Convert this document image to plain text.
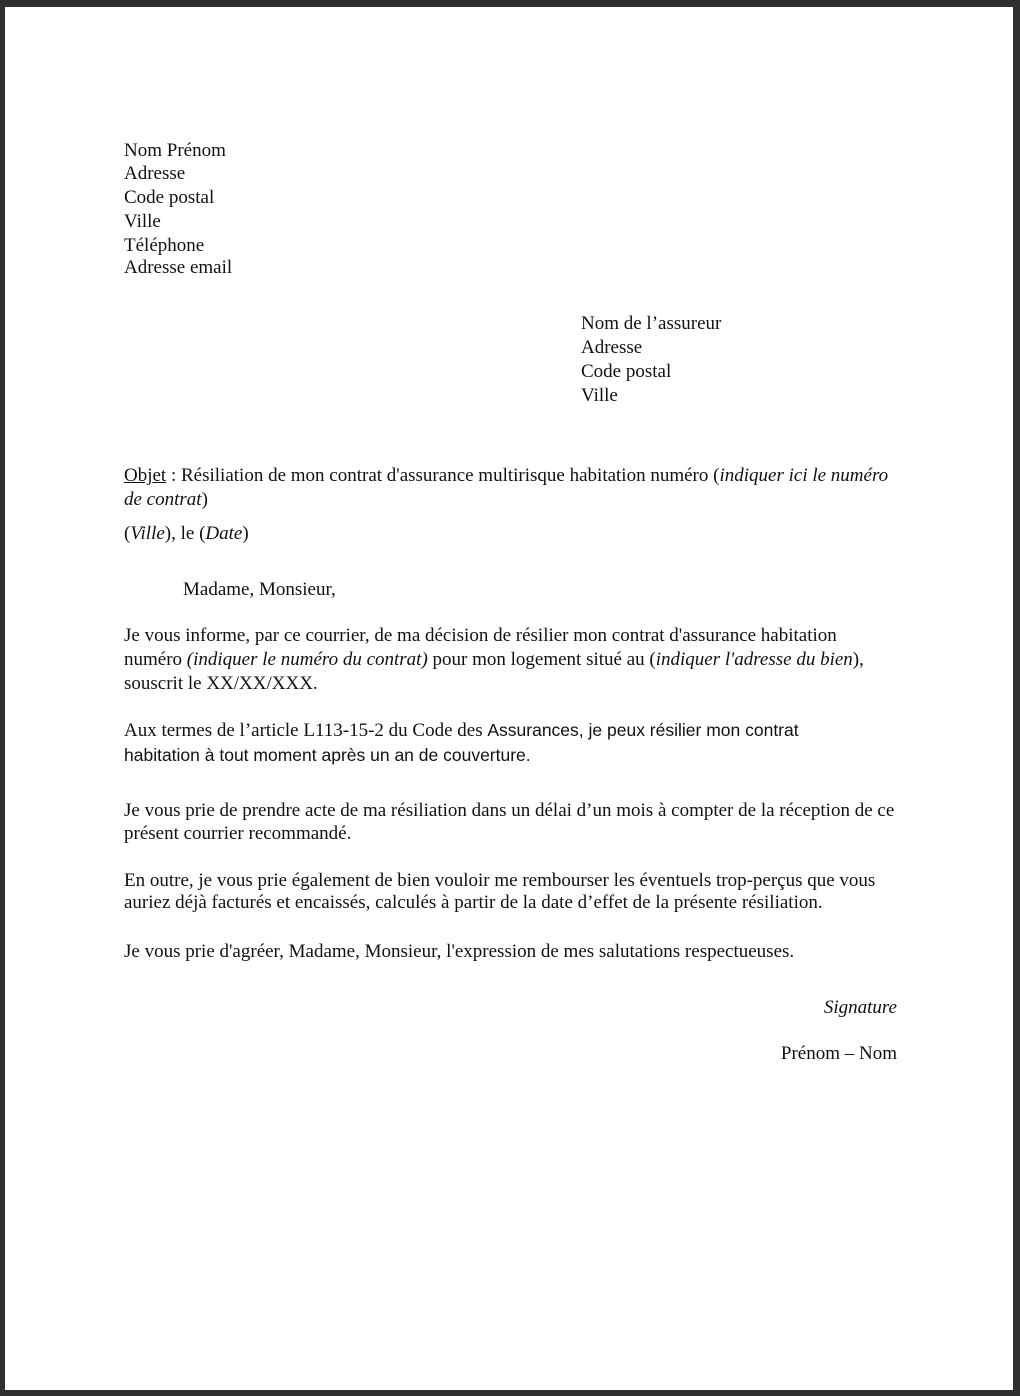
Nom Prénom
Adresse
Code postal
Ville
Téléphone
Adresse email
Nom de l’assureur
Adresse
Code postal
Ville
Objet : Résiliation de mon contrat d'assurance multirisque habitation numéro (indiquer ici le numéro de contrat)
(Ville), le (Date)
Madame, Monsieur,
Je vous informe, par ce courrier, de ma décision de résilier mon contrat d'assurance habitation numéro (indiquer le numéro du contrat) pour mon logement situé au (indiquer l'adresse du bien), souscrit le XX/XX/XXX.
Aux termes de l’article L113-15-2 du Code des Assurances, je peux résilier mon contrat habitation à tout moment après un an de couverture.
Je vous prie de prendre acte de ma résiliation dans un délai d’un mois à compter de la réception de ce présent courrier recommandé.
En outre, je vous prie également de bien vouloir me rembourser les éventuels trop-perçus que vous auriez déjà facturés et encaissés, calculés à partir de la date d’effet de la présente résiliation.
Je vous prie d'agréer, Madame, Monsieur, l'expression de mes salutations respectueuses.
Signature
Prénom – Nom
